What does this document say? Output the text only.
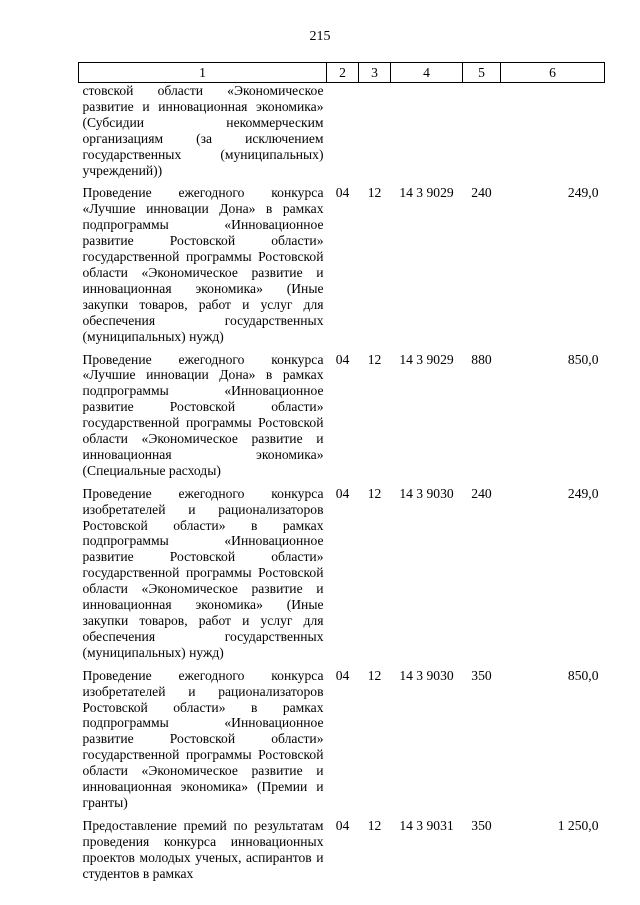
215
1	2	3	4	5	6
стовской области «Экономическое развитие и инновационная экономика» (Субсидии некоммерческим организациям (за исключением государственных (муниципальных) учреждений))					
Проведение ежегодного конкурса «Лучшие инновации Дона» в рамках подпрограммы «Инновационное развитие Ростовской области» государственной программы Ростовской области «Экономическое развитие и инновационная экономика» (Иные закупки товаров, работ и услуг для обеспечения государственных (муниципальных) нужд)	04	12	14 3 9029	240	249,0
Проведение ежегодного конкурса «Лучшие инновации Дона» в рамках подпрограммы «Инновационное развитие Ростовской области» государственной программы Ростовской области «Экономическое развитие и инновационная экономика» (Специальные расходы)	04	12	14 3 9029	880	850,0
Проведение ежегодного конкурса изобретателей и рационализаторов Ростовской области» в рамках подпрограммы «Инновационное развитие Ростовской области» государственной программы Ростовской области «Экономическое развитие и инновационная экономика» (Иные закупки товаров, работ и услуг для обеспечения государственных (муниципальных) нужд)	04	12	14 3 9030	240	249,0
Проведение ежегодного конкурса изобретателей и рационализаторов Ростовской области» в рамках подпрограммы «Инновационное развитие Ростовской области» государственной программы Ростовской области «Экономическое развитие и инновационная экономика» (Премии и гранты)	04	12	14 3 9030	350	850,0
Предоставление премий по результатам проведения конкурса инновационных проектов молодых ученых, аспирантов и студентов в рамках	04	12	14 3 9031	350	1 250,0
